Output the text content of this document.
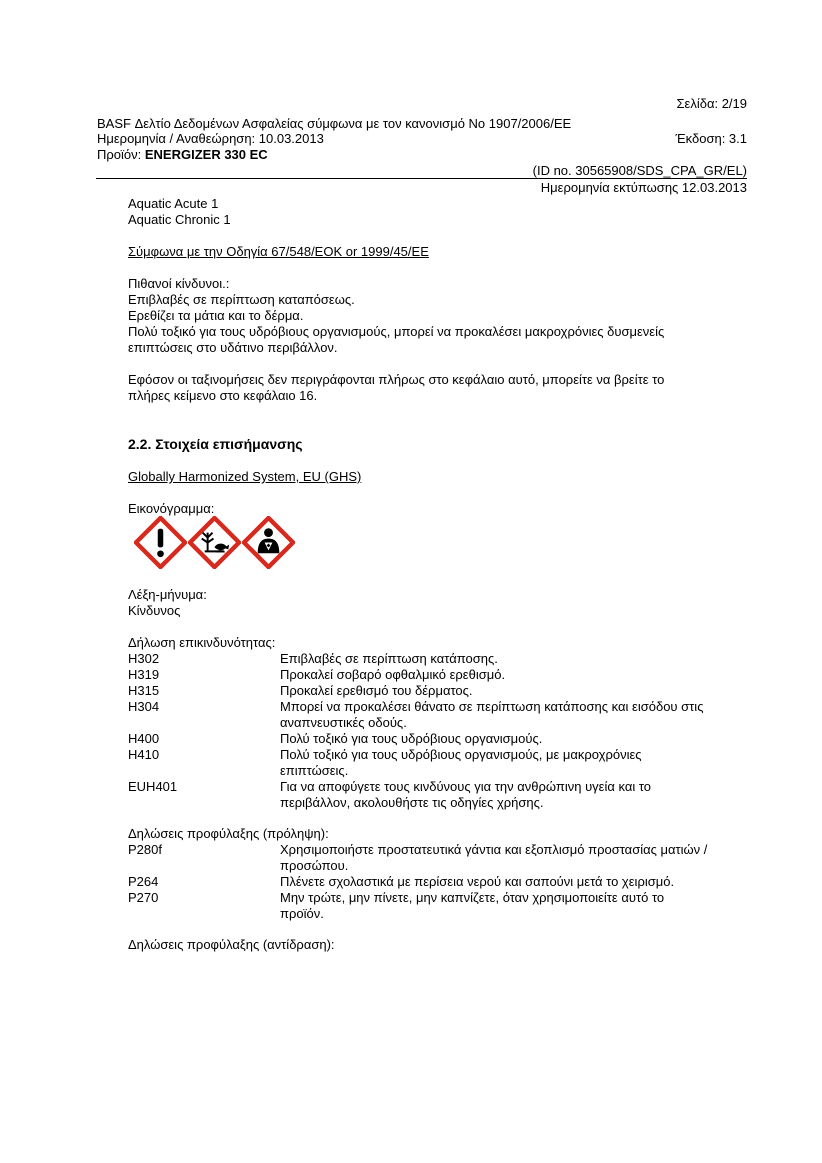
Σελίδα: 2/19
BASF Δελτίο Δεδομένων Ασφαλείας σύμφωνα με τον κανονισμό Νο 1907/2006/ΕΕ
Ημερομηνία / Αναθεώρηση: 10.03.2013	Έκδοση: 3.1
Προϊόν: ENERGIZER 330 EC
(ID no. 30565908/SDS_CPA_GR/EL)
Ημερομηνία εκτύπωσης 12.03.2013
Aquatic Acute 1
Aquatic Chronic 1
Σύμφωνα με την Οδηγία 67/548/ΕΟΚ or 1999/45/ΕΕ
Πιθανοί κίνδυνοι.:
Επιβλαβές σε περίπτωση καταπόσεως.
Ερεθίζει τα μάτια και το δέρμα.
Πολύ τοξικό για τους υδρόβιους οργανισμούς, μπορεί να προκαλέσει μακροχρόνιες δυσμενείς
επιπτώσεις στο υδάτινο περιβάλλον.
Εφόσον οι ταξινομήσεις δεν περιγράφονται πλήρως στο κεφάλαιο αυτό, μπορείτε να βρείτε το
πλήρες κείμενο στο κεφάλαιο 16.
2.2. Στοιχεία επισήμανσης
Globally Harmonized System, EU (GHS)
Εικονόγραμμα:
Λέξη-μήνυμα:
Κίνδυνος
Δήλωση επικινδυνότητας:
H302	Επιβλαβές σε περίπτωση κατάποσης.
H319	Προκαλεί σοβαρό οφθαλμικό ερεθισμό.
H315	Προκαλεί ερεθισμό του δέρματος.
H304	Μπορεί να προκαλέσει θάνατο σε περίπτωση κατάποσης και εισόδου στις αναπνευστικές οδούς.
H400	Πολύ τοξικό για τους υδρόβιους οργανισμούς.
H410	Πολύ τοξικό για τους υδρόβιους οργανισμούς, με μακροχρόνιες επιπτώσεις.
EUH401	Για να αποφύγετε τους κινδύνους για την ανθρώπινη υγεία και το περιβάλλον, ακολουθήστε τις οδηγίες χρήσης.
Δηλώσεις προφύλαξης (πρόληψη):
P280f	Χρησιμοποιήστε προστατευτικά γάντια και εξοπλισμό προστασίας ματιών / προσώπου.
P264	Πλένετε σχολαστικά με περίσεια νερού και σαπούνι μετά το χειρισμό.
P270	Μην τρώτε, μην πίνετε, μην καπνίζετε, όταν χρησιμοποιείτε αυτό το προϊόν.
Δηλώσεις προφύλαξης (αντίδραση):
